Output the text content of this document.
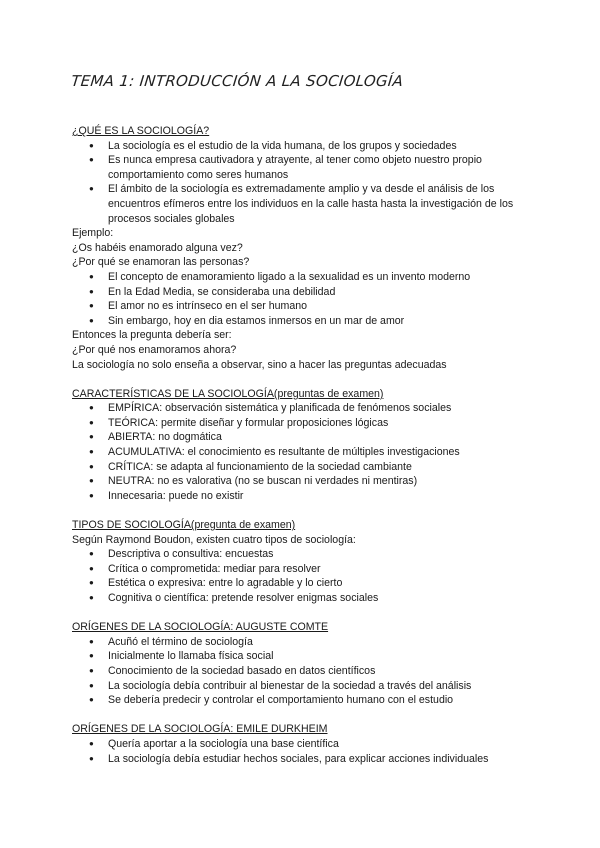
TEMA 1: INTRODUCCIÓN A LA SOCIOLOGÍA

¿QUÉ ES LA SOCIOLOGÍA?

● La sociología es el estudio de la vida humana, de los grupos y sociedades
● Es nunca empresa cautivadora y atrayente, al tener como objeto nuestro propio comportamiento como seres humanos
● El ámbito de la sociología es extremadamente amplio y va desde el análisis de los encuentros efímeros entre los individuos en la calle hasta hasta la investigación de los procesos sociales globales

Ejemplo:

¿Os habéis enamorado alguna vez?

¿Por qué se enamoran las personas?

● El concepto de enamoramiento ligado a la sexualidad es un invento moderno
● En la Edad Media, se consideraba una debilidad
● El amor no es intrínseco en el ser humano
● Sin embargo, hoy en dia estamos inmersos en un mar de amor

Entonces la pregunta debería ser:

¿Por qué nos enamoramos ahora?

La sociología no solo enseña a observar, sino a hacer las preguntas adecuadas

CARACTERÍSTICAS DE LA SOCIOLOGÍA(preguntas de examen)

● EMPÍRICA: observación sistemática y planificada de fenómenos sociales
● TEÓRICA: permite diseñar y formular proposiciones lógicas
● ABIERTA: no dogmática
● ACUMULATIVA: el conocimiento es resultante de múltiples investigaciones
● CRÍTICA: se adapta al funcionamiento de la sociedad cambiante
● NEUTRA: no es valorativa (no se buscan ni verdades ni mentiras)
● Innecesaria: puede no existir

TIPOS DE SOCIOLOGÍA(pregunta de examen)

Según Raymond Boudon, existen cuatro tipos de sociología:

● Descriptiva o consultiva: encuestas
● Crítica o comprometida: mediar para resolver
● Estética o expresiva: entre lo agradable y lo cierto
● Cognitiva o científica: pretende resolver enigmas sociales

ORÍGENES DE LA SOCIOLOGÍA: AUGUSTE COMTE

● Acuñó el término de sociología
● Inicialmente lo llamaba física social
● Conocimiento de la sociedad basado en datos científicos
● La sociología debía contribuir al bienestar de la sociedad a través del análisis
● Se debería predecir y controlar el comportamiento humano con el estudio

ORÍGENES DE LA SOCIOLOGÍA: EMILE DURKHEIM

● Quería aportar a la sociología una base científica
● La sociología debía estudiar hechos sociales, para explicar acciones individuales
